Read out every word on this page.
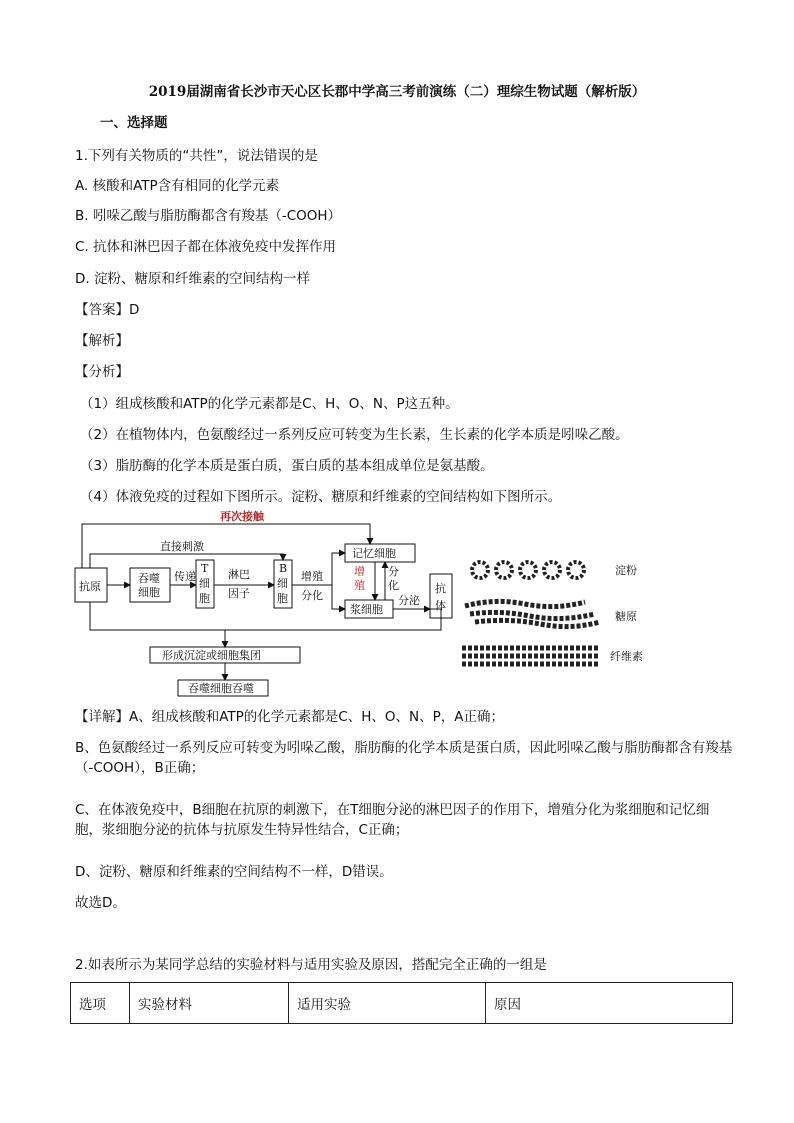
2019届湖南省长沙市天心区长郡中学高三考前演练（二）理综生物试题（解析版）
一、选择题
1.下列有关物质的“共性”，说法错误的是
A. 核酸和ATP含有相同的化学元素
B. 吲哚乙酸与脂肪酶都含有羧基（-COOH）
C. 抗体和淋巴因子都在体液免疫中发挥作用
D. 淀粉、糖原和纤维素的空间结构一样
【答案】D
【解析】
【分析】
（1）组成核酸和ATP的化学元素都是C、H、O、N、P这五种。
（2）在植物体内，色氨酸经过一系列反应可转变为生长素，生长素的化学本质是吲哚乙酸。
（3）脂肪酶的化学本质是蛋白质，蛋白质的基本组成单位是氨基酸。
（4）体液免疫的过程如下图所示。淀粉、糖原和纤维素的空间结构如下图所示。
再次接触
直接刺激
抗原
吞噬
细胞
传递
T
细
胞
淋巴
因子
B
细
胞
增殖
分化
记忆细胞
增
殖
分
化
浆细胞
分泌
抗
体
形成沉淀或细胞集团
吞噬细胞吞噬
淀粉
糖原
纤维素
【详解】A、组成核酸和ATP的化学元素都是C、H、O、N、P，A正确；
B、色氨酸经过一系列反应可转变为吲哚乙酸，脂肪酶的化学本质是蛋白质，因此吲哚乙酸与脂肪酶都含有羧基（-COOH），B正确；
C、在体液免疫中，B细胞在抗原的刺激下，在T细胞分泌的淋巴因子的作用下，增殖分化为浆细胞和记忆细胞，浆细胞分泌的抗体与抗原发生特异性结合，C正确；
D、淀粉、糖原和纤维素的空间结构不一样，D错误。
故选D。
2.如表所示为某同学总结的实验材料与适用实验及原因，搭配完全正确的一组是
选项	实验材料	适用实验	原因
